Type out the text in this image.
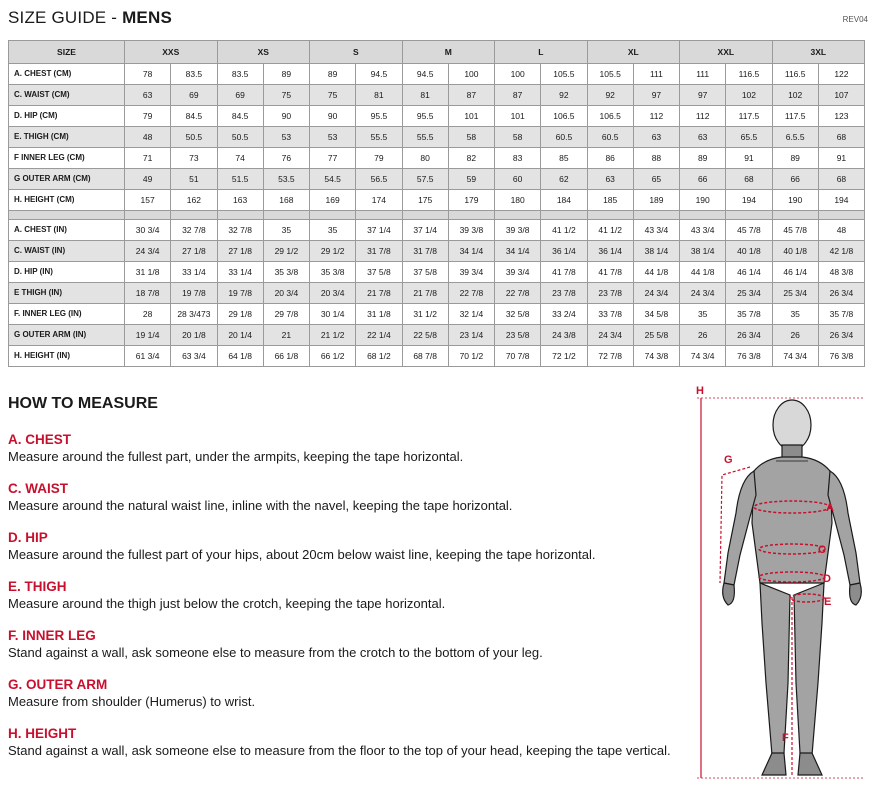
SIZE GUIDE - MENS	REV04
SIZE	XXS		XS		S		M		L		XL		XXL		3XL	
A. CHEST (CM)	78	83.5	83.5	89	89	94.5	94.5	100	100	105.5	105.5	111	111	116.5	116.5	122
C. WAIST (CM)	63	69	69	75	75	81	81	87	87	92	92	97	97	102	102	107
D. HIP (CM)	79	84.5	84.5	90	90	95.5	95.5	101	101	106.5	106.5	112	112	117.5	117.5	123
E. THIGH (CM)	48	50.5	50.5	53	53	55.5	55.5	58	58	60.5	60.5	63	63	65.5	6.5.5	68
F INNER LEG (CM)	71	73	74	76	77	79	80	82	83	85	86	88	89	91	89	91
G OUTER ARM (CM)	49	51	51.5	53.5	54.5	56.5	57.5	59	60	62	63	65	66	68	66	68
H. HEIGHT (CM)	157	162	163	168	169	174	175	179	180	184	185	189	190	194	190	194

A. CHEST (IN)	30 3/4	32 7/8	32 7/8	35	35	37 1/4	37 1/4	39 3/8	39 3/8	41 1/2	41 1/2	43 3/4	43 3/4	45 7/8	45 7/8	48
C. WAIST (IN)	24 3/4	27 1/8	27 1/8	29 1/2	29 1/2	31 7/8	31 7/8	34 1/4	34 1/4	36 1/4	36 1/4	38 1/4	38 1/4	40 1/8	40 1/8	42 1/8
D. HIP (IN)	31 1/8	33 1/4	33 1/4	35 3/8	35 3/8	37 5/8	37 5/8	39 3/4	39 3/4	41 7/8	41 7/8	44 1/8	44 1/8	46 1/4	46 1/4	48 3/8
E THIGH (IN)	18 7/8	19 7/8	19 7/8	20 3/4	20 3/4	21 7/8	21 7/8	22 7/8	22 7/8	23 7/8	23 7/8	24 3/4	24 3/4	25 3/4	25 3/4	26 3/4
F. INNER LEG (IN)	28	28 3/473	29 1/8	29 7/8	30 1/4	31 1/8	31 1/2	32 1/4	32 5/8	33 2/4	33 7/8	34 5/8	35	35 7/8	35	35 7/8
G OUTER ARM (IN)	19 1/4	20 1/8	20 1/4	21	21 1/2	22 1/4	22 5/8	23 1/4	23 5/8	24 3/8	24 3/4	25 5/8	26	26 3/4	26	26 3/4
H. HEIGHT (IN)	61 3/4	63 3/4	64 1/8	66 1/8	66 1/2	68 1/2	68 7/8	70 1/2	70 7/8	72 1/2	72 7/8	74 3/8	74 3/4	76 3/8	74 3/4	76 3/8
HOW TO MEASURE
A. CHEST
Measure around the fullest part, under the armpits, keeping the tape horizontal.
C. WAIST
Measure around the natural waist line, inline with the navel, keeping the tape horizontal.
D. HIP
Measure around the fullest part of your hips, about 20cm below waist line, keeping the tape horizontal.
E. THIGH
Measure around the thigh just below the crotch, keeping the tape horizontal.
F. INNER LEG
Stand against a wall, ask someone else to measure from the crotch to the bottom of your leg.
G. OUTER ARM
Measure from shoulder (Humerus) to wrist.
H. HEIGHT
Stand against a wall, ask someone else to measure from the floor to the top of your head, keeping the tape vertical.
H
G
A
C
D
E
F
